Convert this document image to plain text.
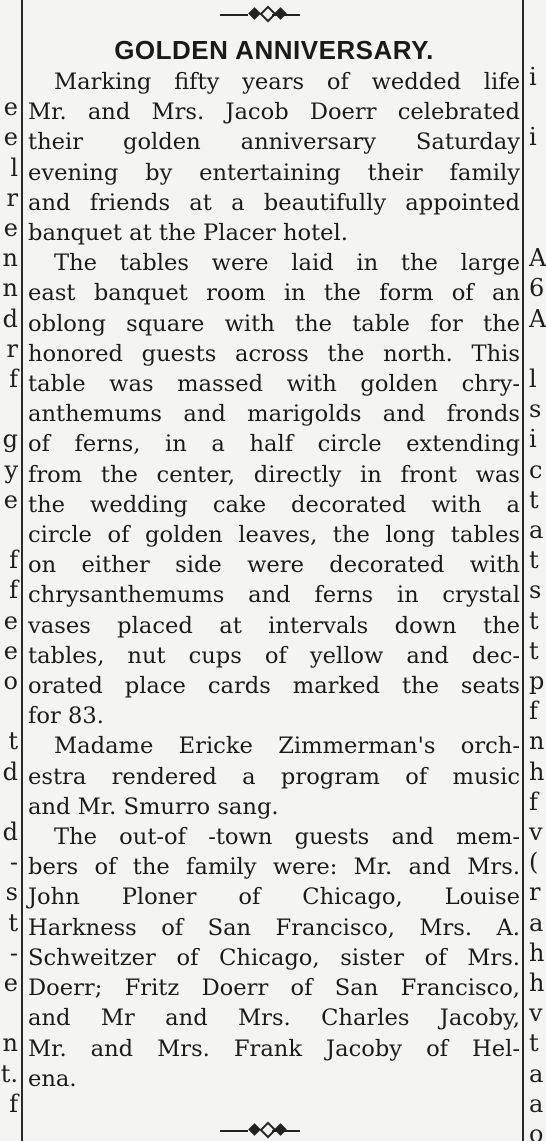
e
e
l
r
e
n
n
d
r
f
g
y
e
f
f
e
e
o
t
d
d
-
s
t
-
e
n
t.
f
i
i
A
6
A
l
s
i
c
t
a
t
s
t
t
p
f
n
h
f
v
(
r
a
h
h
v
t
a
a
o
GOLDEN ANNIVERSARY.
Marking fifty years of wedded life
Mr. and Mrs. Jacob Doerr celebrated
their golden anniversary Saturday
evening by entertaining their family
and friends at a beautifully appointed
banquet at the Placer hotel.
The tables were laid in the large
east banquet room in the form of an
oblong square with the table for the
honored guests across the north. This
table was massed with golden chry-
anthemums and marigolds and fronds
of ferns, in a half circle extending
from the center, directly in front was
the wedding cake decorated with a
circle of golden leaves, the long tables
on either side were decorated with
chrysanthemums and ferns in crystal
vases placed at intervals down the
tables, nut cups of yellow and dec-
orated place cards marked the seats
for 83.
Madame Ericke Zimmerman's orch-
estra rendered a program of music
and Mr. Smurro sang.
The out-of -town guests and mem-
bers of the family were: Mr. and Mrs.
John Ploner of Chicago, Louise
Harkness of San Francisco, Mrs. A.
Schweitzer of Chicago, sister of Mrs.
Doerr; Fritz Doerr of San Francisco,
and Mr and Mrs. Charles Jacoby,
Mr. and Mrs. Frank Jacoby of Hel-
ena.
